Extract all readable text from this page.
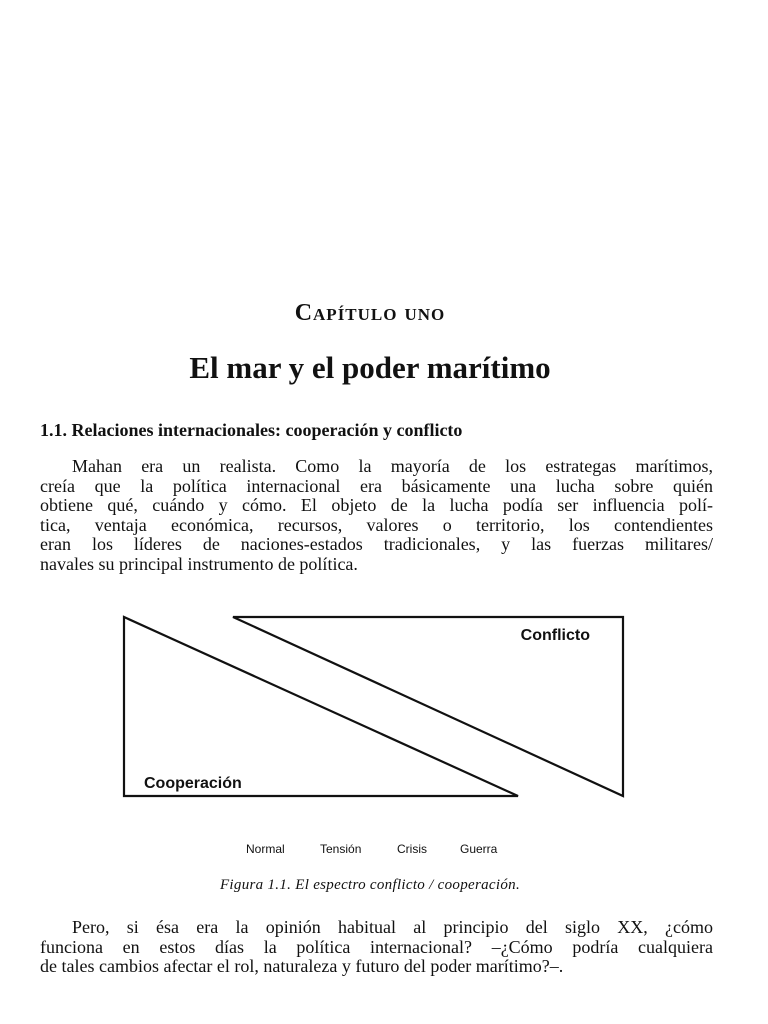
Capítulo uno
El mar y el poder marítimo
1.1. Relaciones internacionales: cooperación y conflicto
Mahan era un realista. Como la mayoría de los estrategas marítimos,
creía que la política internacional era básicamente una lucha sobre quién
obtiene qué, cuándo y cómo. El objeto de la lucha podía ser influencia polí-
tica, ventaja económica, recursos, valores o territorio, los contendientes
eran los líderes de naciones-estados tradicionales, y las fuerzas militares/
navales su principal instrumento de política.
Conflicto
Cooperación
Normal	Tensión	Crisis	Guerra
Figura 1.1. El espectro conflicto / cooperación.
Pero, si ésa era la opinión habitual al principio del siglo XX, ¿cómo
funciona en estos días la política internacional? –¿Cómo podría cualquiera
de tales cambios afectar el rol, naturaleza y futuro del poder marítimo?–.
